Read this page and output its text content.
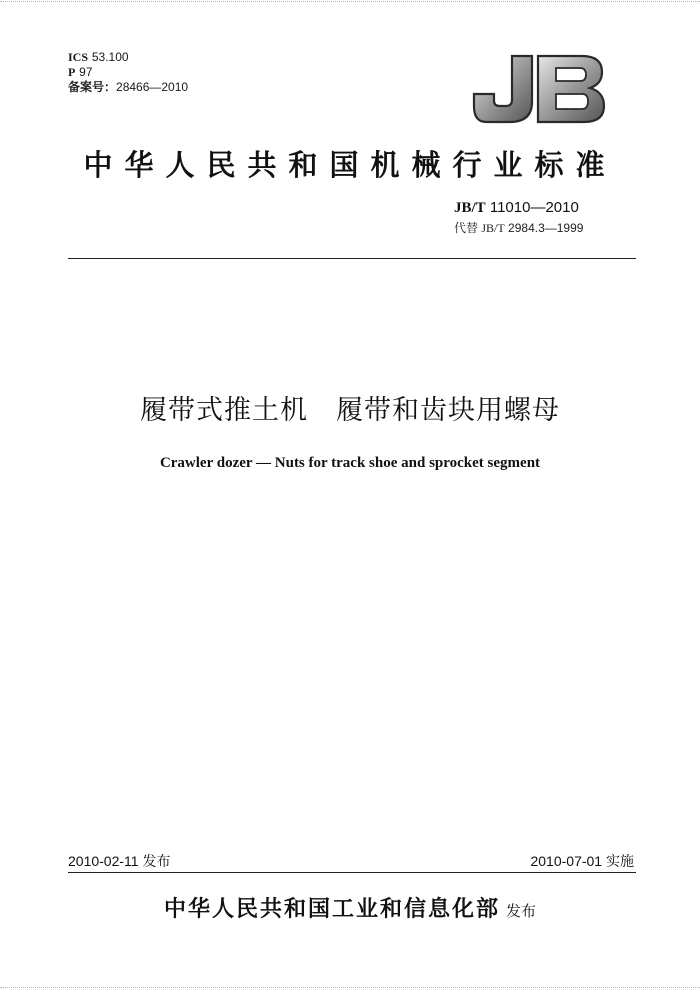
ICS 53.100
P 97
备案号：28466—2010
中华人民共和国机械行业标准
JB/T 11010—2010
代替 JB/T 2984.3—1999
履带式推土机　履带和齿块用螺母
Crawler dozer — Nuts for track shoe and sprocket segment
2010-02-11 发布	2010-07-01 实施
中华人民共和国工业和信息化部 发布
